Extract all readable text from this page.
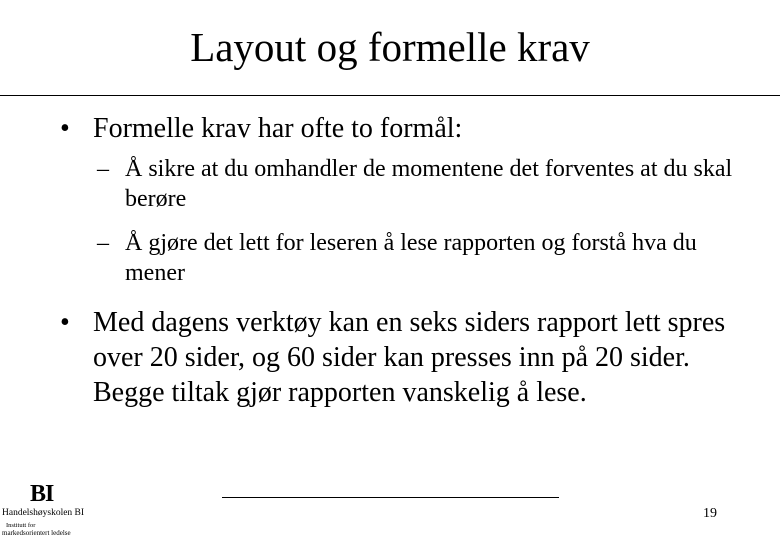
Layout og formelle krav
• Formelle krav har ofte to formål:
– Å sikre at du omhandler de momentene det forventes at du skal berøre
– Å gjøre det lett for leseren å lese rapporten og forstå hva du mener
• Med dagens verktøy kan en seks siders rapport lett spres over 20 sider, og 60 sider kan presses inn på 20 sider. Begge tiltak gjør rapporten vanskelig å lese.
19
BI
Handelshøyskolen BI
Institutt for
markedsorientert ledelse
